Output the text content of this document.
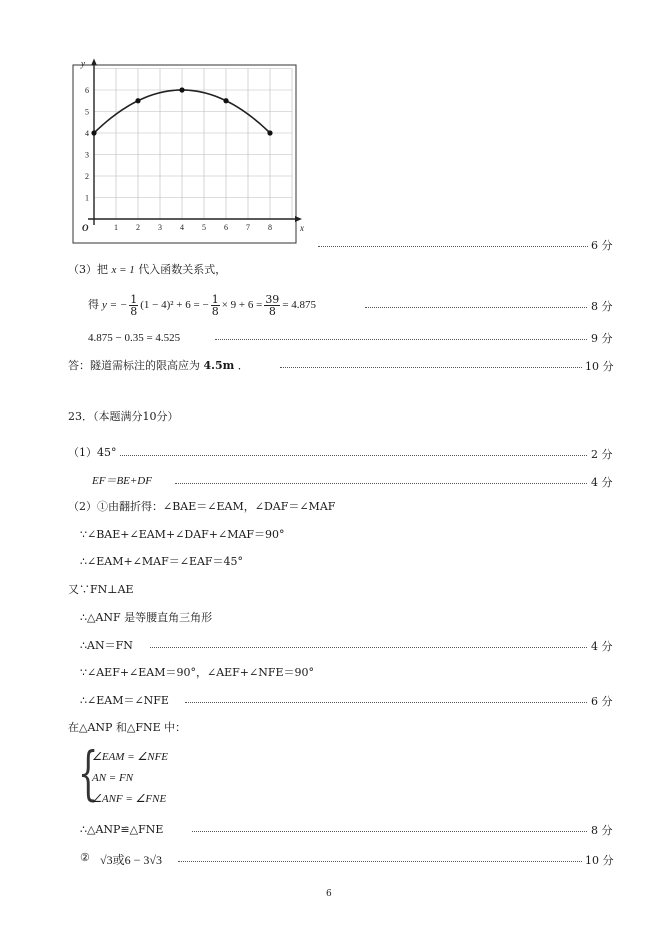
x
y
O	1 2 3 4 5 6 7 8
1
2
3
4
5
6
6 分
（3）把 x = 1 代入函数关系式，
得 y = − $\frac{1}{8} (1 - 4)^2 + 6$ = − $\frac{1}{8} \times 9 + 6 = \frac{39}{8} = 4.875$	8 分
4.875 − 0.35 = 4.525	9 分
答：隧道需标注的限高应为 4.5m ．	10 分
23．（本题满分10分）
（1）45°	2 分
EF＝BE+DF	4 分
（2）①由翻折得：∠BAE＝∠EAM，∠DAF＝∠MAF
∵∠BAE+∠EAM+∠DAF+∠MAF＝90°
∴∠EAM+∠MAF＝∠EAF＝45°
又∵FN⊥AE
∴△ANF 是等腰直角三角形
∴AN＝FN	4 分
∵∠AEF+∠EAM＝90°，∠AEF+∠NFE＝90°
∴∠EAM＝∠NFE	6 分
在△ANP 和△FNE 中：
{
∠EAM = ∠NFE
AN = FN
∠ANF = ∠FNE
∴△ANP≌△FNE	8 分
② √3或6 − 3√3	10 分
6
